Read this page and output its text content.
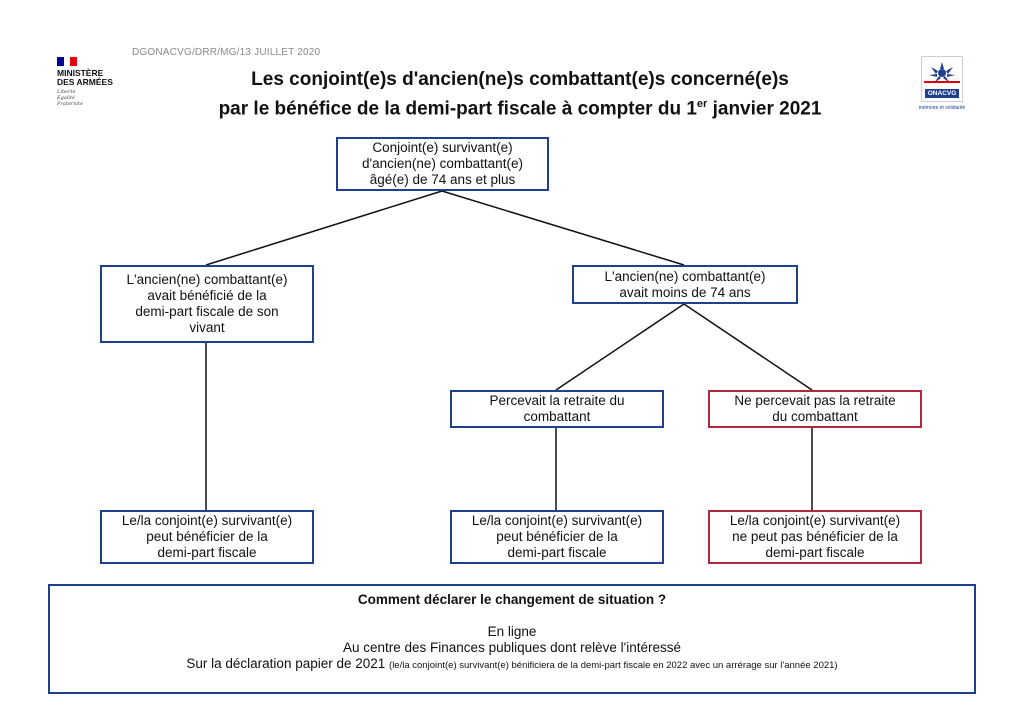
MINISTÈRE
DES ARMÉES
Liberté
Égalité
Fraternité
ONACVG
mémoire et solidarité
DGONACVG/DRR/MG/13 JUILLET 2020
Les conjoint(e)s d'ancien(ne)s combattant(e)s concerné(e)s
par le bénéfice de la demi-part fiscale à compter du 1er janvier 2021
Conjoint(e) survivant(e)
d'ancien(ne) combattant(e)
âgé(e) de 74 ans et plus
L'ancien(ne) combattant(e)
avait bénéficié de la
demi-part fiscale de son
vivant
L'ancien(ne) combattant(e)
avait moins de 74 ans
Percevait la retraite du
combattant
Ne percevait pas la retraite
du combattant
Le/la conjoint(e) survivant(e)
peut bénéficier de la
demi-part fiscale
Le/la conjoint(e) survivant(e)
peut bénéficier de la
demi-part fiscale
Le/la conjoint(e) survivant(e)
ne peut pas bénéficier de la
demi-part fiscale
Comment déclarer le changement de situation ?
En ligne
Au centre des Finances publiques dont relève l'intéressé
Sur la déclaration papier de 2021 (le/la conjoint(e) survivant(e) bénificiera de la demi-part fiscale en 2022 avec un arrérage sur l'année 2021)
